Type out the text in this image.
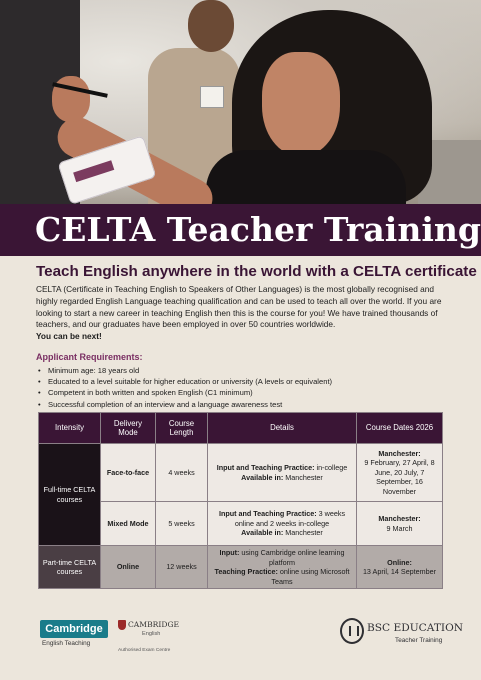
CELTA Teacher Training
Teach English anywhere in the world with a CELTA certificate

CELTA (Certificate in Teaching English to Speakers of Other Languages) is the most globally recognised and highly regarded English Language teaching qualification and can be used to teach all over the world. If you are looking to start a new career in teaching English then this is the course for you! We have trained thousands of teachers, and our graduates have been employed in over 50 countries worldwide.
You can be next!

Applicant Requirements:
• Minimum age: 18 years old
• Educated to a level suitable for higher education or university (A levels or equivalent)
• Competent in both written and spoken English (C1 minimum)
• Successful completion of an interview and a language awareness test
Intensity	Delivery Mode	Course Length	Details	Course Dates 2026
Full-time CELTA courses	Face-to-face	4 weeks	Input and Teaching Practice: in-college
Available in: Manchester	Manchester:
9 February, 27 April, 8 June, 20 July, 7 September, 16 November
	Mixed Mode	5 weeks	Input and Teaching Practice: 3 weeks online and 2 weeks in-college
Available in: Manchester	Manchester:
9 March
Part-time CELTA courses	Online	12 weeks	Input: using Cambridge online learning platform
Teaching Practice: online using Microsoft Teams	Online:
13 April, 14 September
Cambridge
English Teaching
CAMBRIDGE
English
Authorised Exam Centre
BSC EDUCATION
Teacher Training
